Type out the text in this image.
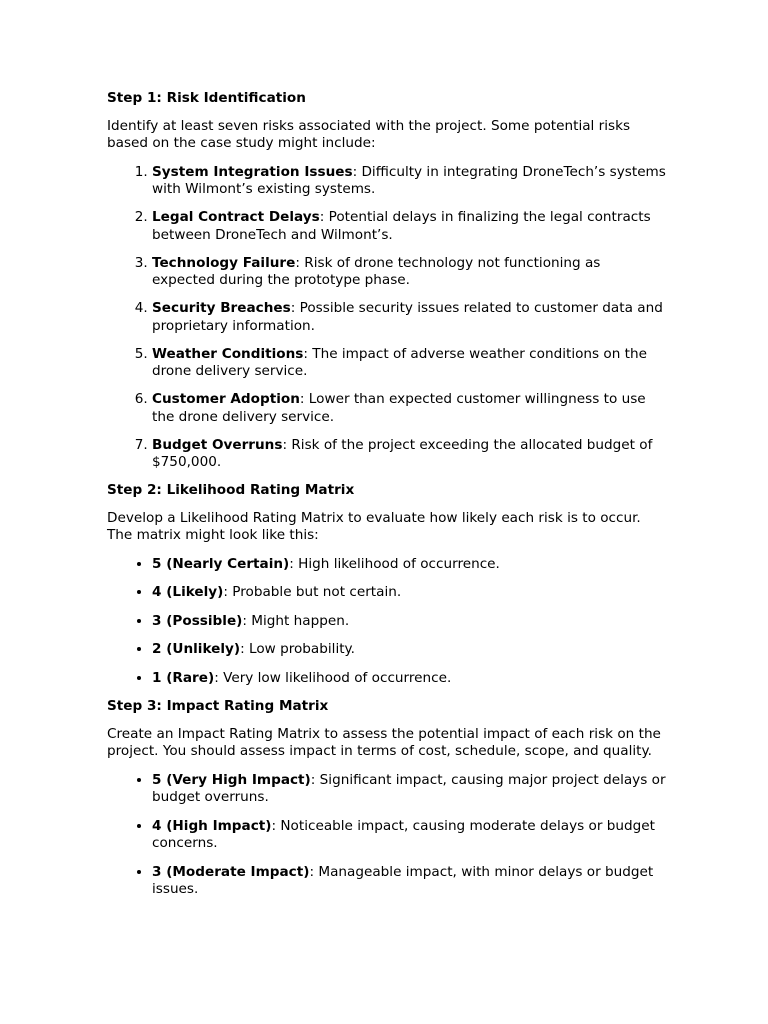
Step 1: Risk Identification

Identify at least seven risks associated with the project. Some potential risks based on the case study might include:

1. System Integration Issues: Difficulty in integrating DroneTech’s systems with Wilmont’s existing systems.
2. Legal Contract Delays: Potential delays in finalizing the legal contracts between DroneTech and Wilmont’s.
3. Technology Failure: Risk of drone technology not functioning as expected during the prototype phase.
4. Security Breaches: Possible security issues related to customer data and proprietary information.
5. Weather Conditions: The impact of adverse weather conditions on the drone delivery service.
6. Customer Adoption: Lower than expected customer willingness to use the drone delivery service.
7. Budget Overruns: Risk of the project exceeding the allocated budget of $750,000.
Step 2: Likelihood Rating Matrix

Develop a Likelihood Rating Matrix to evaluate how likely each risk is to occur. The matrix might look like this:

• 5 (Nearly Certain): High likelihood of occurrence.
• 4 (Likely): Probable but not certain.
• 3 (Possible): Might happen.
• 2 (Unlikely): Low probability.
• 1 (Rare): Very low likelihood of occurrence.
Step 3: Impact Rating Matrix

Create an Impact Rating Matrix to assess the potential impact of each risk on the project. You should assess impact in terms of cost, schedule, scope, and quality.

• 5 (Very High Impact): Significant impact, causing major project delays or budget overruns.
• 4 (High Impact): Noticeable impact, causing moderate delays or budget concerns.
• 3 (Moderate Impact): Manageable impact, with minor delays or budget issues.
